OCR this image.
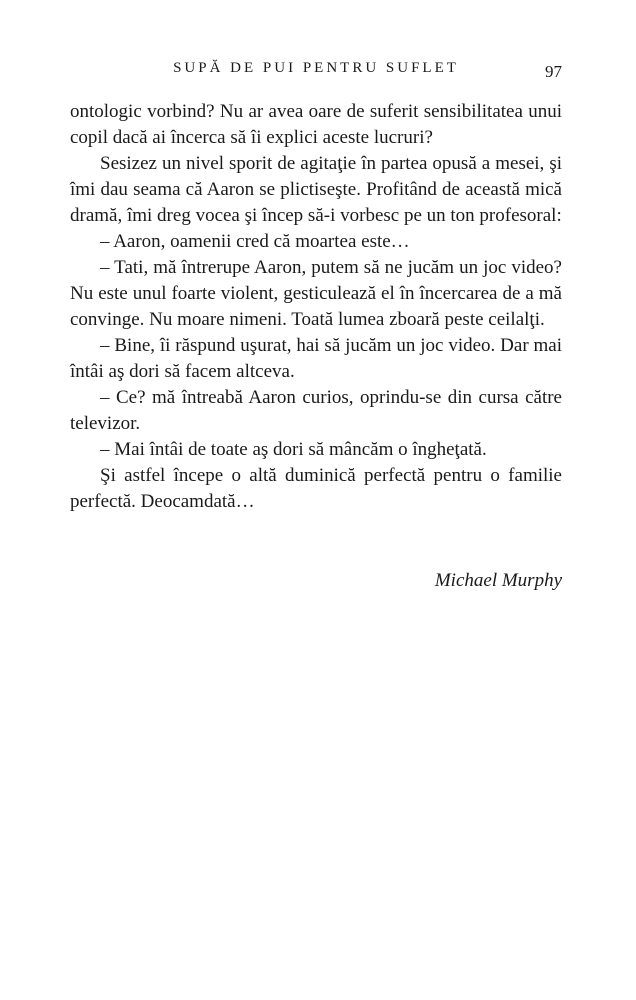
SUPĂ DE PUI PENTRU SUFLET	97

ontologic vorbind? Nu ar avea oare de suferit sensibilitatea unui copil dacă ai încerca să îi explici aceste lucruri?

Sesizez un nivel sporit de agitaţie în partea opusă a mesei, şi îmi dau seama că Aaron se plictiseşte. Profitând de această mică dramă, îmi dreg vocea şi încep să-i vorbesc pe un ton profesoral:

– Aaron, oamenii cred că moartea este…

– Tati, mă întrerupe Aaron, putem să ne jucăm un joc video? Nu este unul foarte violent, gesticulează el în încercarea de a mă convinge. Nu moare nimeni. Toată lumea zboară peste ceilalţi.

– Bine, îi răspund uşurat, hai să jucăm un joc video. Dar mai întâi aş dori să facem altceva.

– Ce? mă întreabă Aaron curios, oprindu-se din cursa către televizor.

– Mai întâi de toate aş dori să mâncăm o îngheţată.

Şi astfel începe o altă duminică perfectă pentru o familie perfectă. Deocamdată…

Michael Murphy
